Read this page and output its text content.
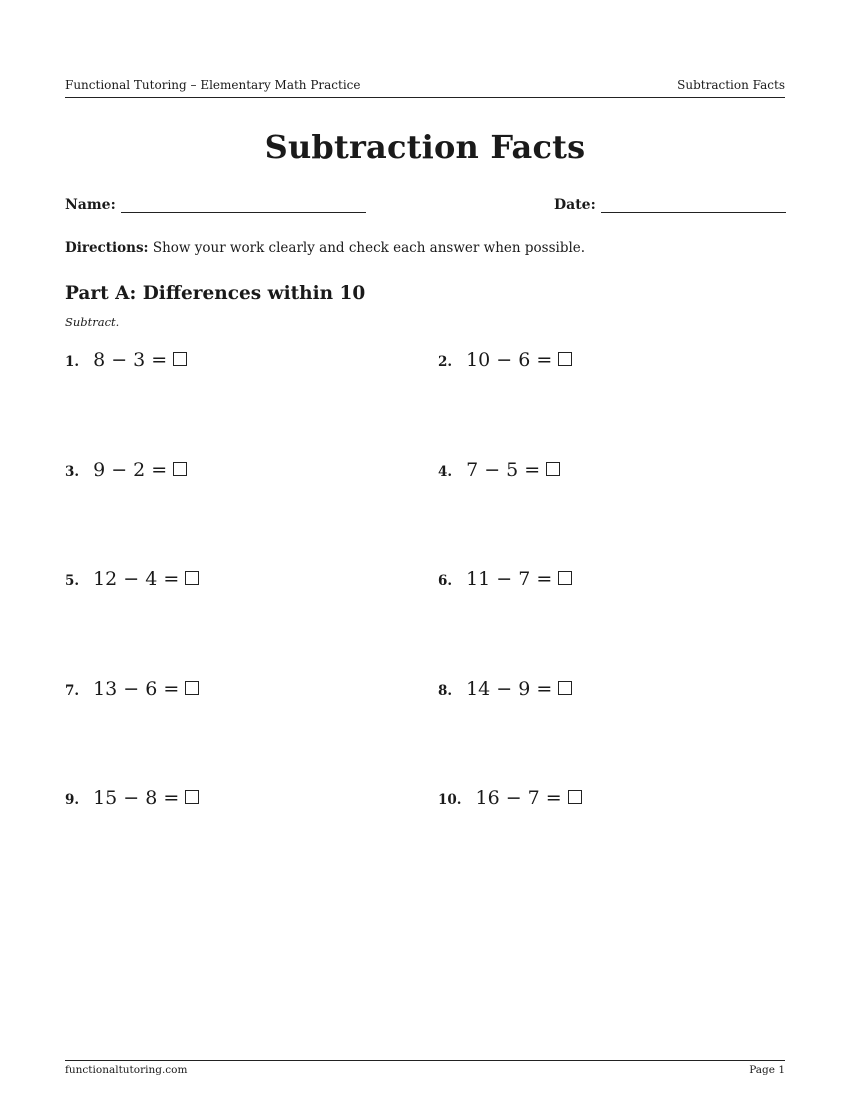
Functional Tutoring – Elementary Math Practice	Subtraction Facts
Subtraction Facts
Name:	Date:
Directions: Show your work clearly and check each answer when possible.
Part A: Differences within 10
Subtract.
1. 8 − 3 =	2. 10 − 6 =
3. 9 − 2 =	4. 7 − 5 =
5. 12 − 4 =	6. 11 − 7 =
7. 13 − 6 =	8. 14 − 9 =
9. 15 − 8 =	10. 16 − 7 =
functionaltutoring.com	Page 1
